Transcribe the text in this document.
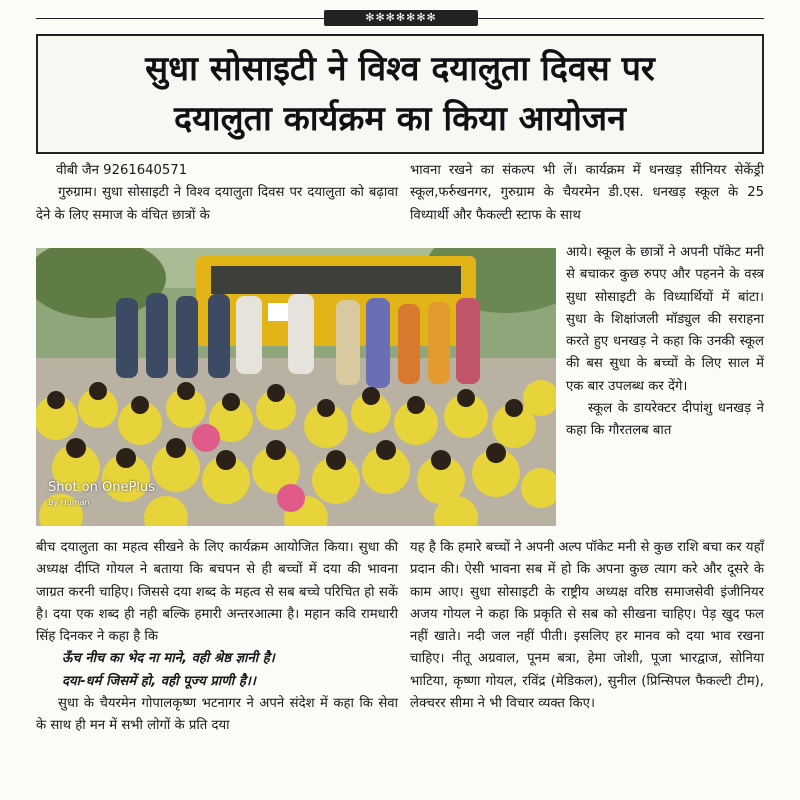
✻✻✻✻✻✻✻
सुधा सोसाइटी ने विश्व दयालुता दिवस पर
दयालुता कार्यक्रम का किया आयोजन

वीबी जैन 9261640571

गुरुग्राम। सुधा सोसाइटी ने विश्व दयालुता दिवस पर दयालुता को बढ़ावा देने के लिए समाज के वंचित छात्रों के

भावना रखने का संकल्प भी लें। कार्यक्रम में धनखड़ सीनियर सेकेंड्री स्कूल,फर्रुखनगर, गुरुग्राम के चैयरमेन डी.एस. धनखड़ स्कूल के 25 विध्यार्थी और फैकल्टी स्टाफ के साथ

आये। स्कूल के छात्रों ने अपनी पॉकेट मनी से बचाकर कुछ रुपए और पहनने के वस्त्र सुधा सोसाइटी के विध्यार्थियों में बांटा। सुधा के शिक्षांजली मॉड्युल की सराहना करते हुए धनखड़ ने कहा कि उनकी स्कूल की बस सुधा के बच्चों के लिए साल में एक बार उपलब्ध कर देंगे।

स्कूल के डायरेक्टर दीपांशु धनखड़ ने कहा कि गौरतलब बात

Shot on OnePlus
By Human

बीच दयालुता का महत्व सीखने के लिए कार्यक्रम आयोजित किया। सुधा की अध्यक्ष दीप्ति गोयल ने बताया कि बचपन से ही बच्चों में दया की भावना जाग्रत करनी चाहिए। जिससे दया शब्द के महत्व से सब बच्चे परिचित हो सकें है। दया एक शब्द ही नही बल्कि हमारी अन्तरआत्मा है। महान कवि रामधारी सिंह दिनकर ने कहा है कि

ऊँच नीच का भेद ना माने, वही श्रेष्ठ ज्ञानी है।

दया-धर्म जिसमें हो, वही पूज्य प्राणी है।।

सुधा के चैयरमेन गोपालकृष्ण भटनागर ने अपने संदेश में कहा कि सेवा के साथ ही मन में सभी लोगों के प्रति दया

यह है कि हमारे बच्चों ने अपनी अल्प पॉकेट मनी से कुछ राशि बचा कर यहाँ प्रदान की। ऐसी भावना सब में हो कि अपना कुछ त्याग करे और दूसरे के काम आए। सुधा सोसाइटी के राष्ट्रीय अध्यक्ष वरिष्ठ समाजसेवी इंजीनियर अजय गोयल ने कहा कि प्रकृति से सब को सीखना चाहिए। पेड़ खुद फल नहीं खाते। नदी जल नहीं पीती। इसलिए हर मानव को दया भाव रखना चाहिए। नीतू अग्रवाल, पूनम बत्रा, हेमा जोशी, पूजा भारद्वाज, सोनिया भाटिया, कृष्णा गोयल, रविंद्र (मेडिकल), सुनील (प्रिन्सिपल फैकल्टी टीम), लेक्चरर सीमा ने भी विचार व्यक्त किए।
